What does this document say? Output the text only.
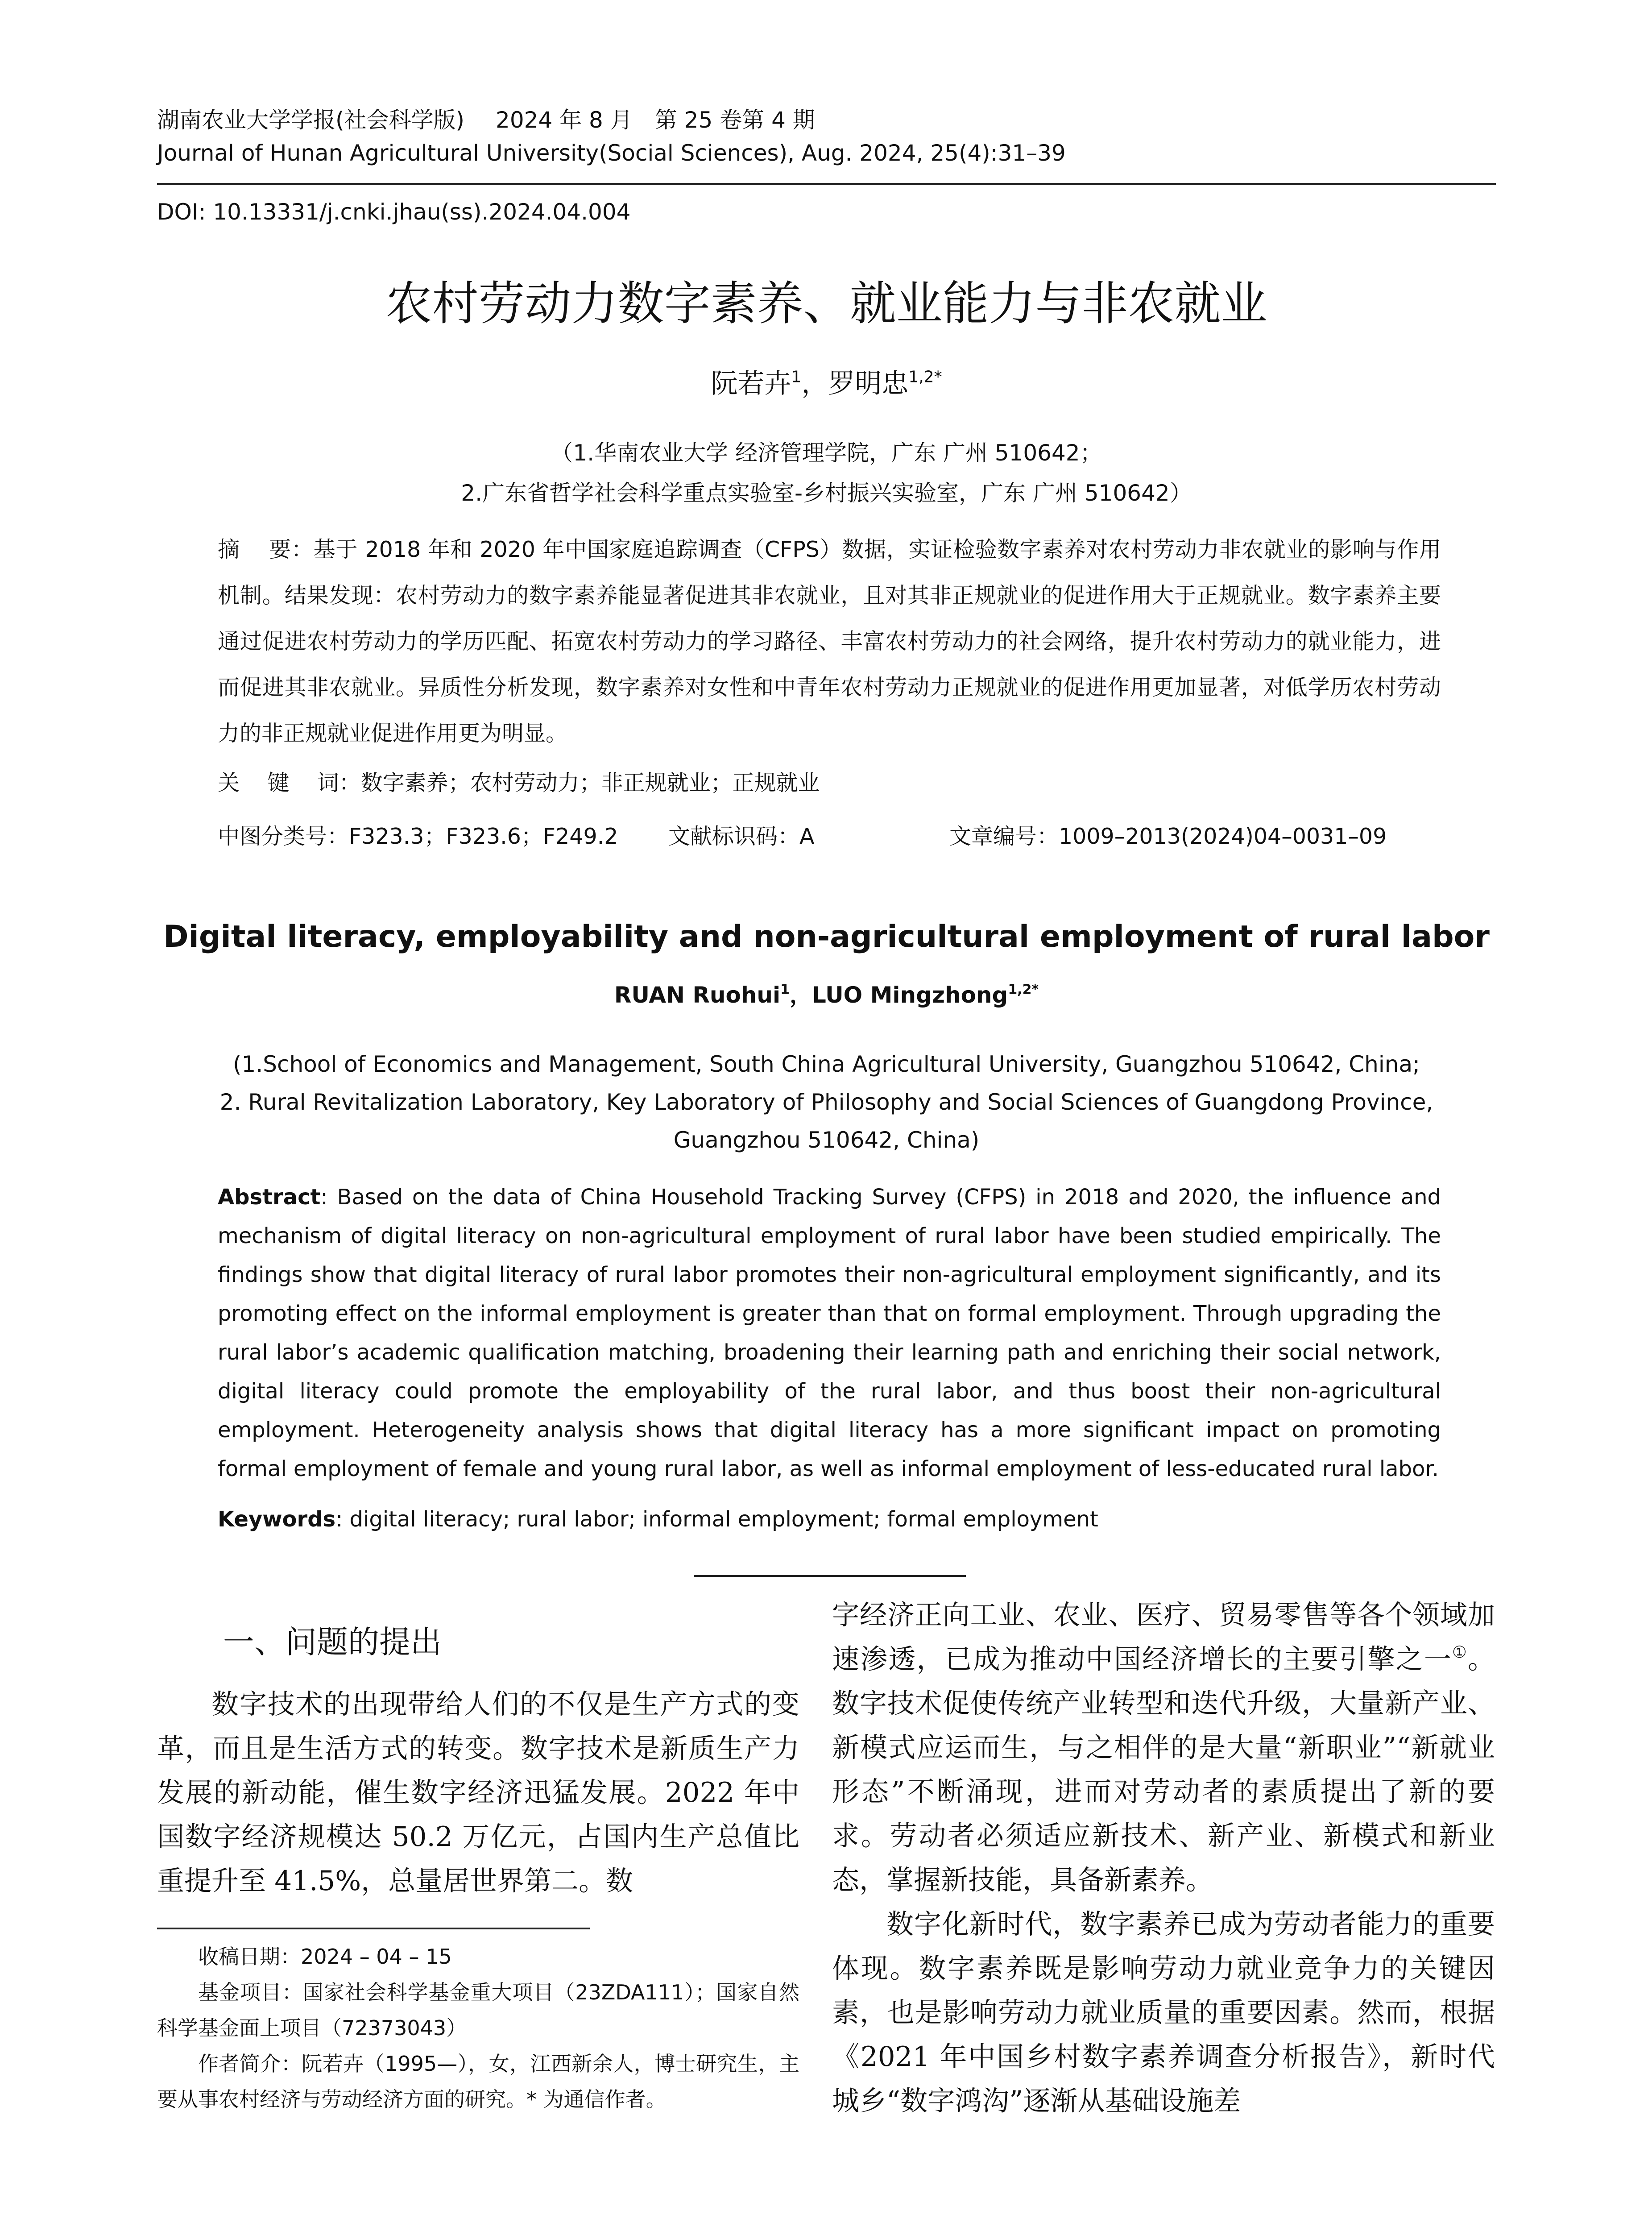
湖南农业大学学报(社会科学版) 2024 年 8 月 第 25 卷第 4 期
Journal of Hunan Agricultural University(Social Sciences), Aug. 2024, 25(4):31–39
DOI: 10.13331/j.cnki.jhau(ss).2024.04.004
农村劳动力数字素养、就业能力与非农就业
阮若卉$^1$，罗明忠$^{1,2*}$
（1.华南农业大学 经济管理学院，广东 广州 510642；
2.广东省哲学社会科学重点实验室-乡村振兴实验室，广东 广州 510642）
摘    要：基于 2018 年和 2020 年中国家庭追踪调查（CFPS）数据，实证检验数字素养对农村劳动力非农就业的影响与作用机制。结果发现：农村劳动力的数字素养能显著促进其非农就业，且对其非正规就业的促进作用大于正规就业。数字素养主要通过促进农村劳动力的学历匹配、拓宽农村劳动力的学习路径、丰富农村劳动力的社会网络，提升农村劳动力的就业能力，进而促进其非农就业。异质性分析发现，数字素养对女性和中青年农村劳动力正规就业的促进作用更加显著，对低学历农村劳动力的非正规就业促进作用更为明显。
关    键    词：数字素养；农村劳动力；非正规就业；正规就业
中图分类号：F323.3；F323.6；F249.2 文献标识码：A	文章编号：1009–2013(2024)04–0031–09
Digital literacy, employability and non-agricultural employment of rural labor
RUAN Ruohui$^1$，LUO Mingzhong$^{1,2*}$
(1.School of Economics and Management, South China Agricultural University, Guangzhou 510642, China;
2. Rural Revitalization Laboratory, Key Laboratory of Philosophy and Social Sciences of Guangdong Province,
Guangzhou 510642, China)
Abstract: Based on the data of China Household Tracking Survey (CFPS) in 2018 and 2020, the influence and mechanism of digital literacy on non-agricultural employment of rural labor have been studied empirically. The findings show that digital literacy of rural labor promotes their non-agricultural employment significantly, and its promoting effect on the informal employment is greater than that on formal employment. Through upgrading the rural labor’s academic qualification matching, broadening their learning path and enriching their social network, digital literacy could promote the employability of the rural labor, and thus boost their non-agricultural employment. Heterogeneity analysis shows that digital literacy has a more significant impact on promoting formal employment of female and young rural labor, as well as informal employment of less-educated rural labor.
Keywords: digital literacy; rural labor; informal employment; formal employment
一、问题的提出

数字技术的出现带给人们的不仅是生产方式的变革，而且是生活方式的转变。数字技术是新质生产力发展的新动能，催生数字经济迅猛发展。2022 年中国数字经济规模达 50.2 万亿元，占国内生产总值比重提升至 41.5%，总量居世界第二。数

收稿日期：2024 – 04 – 15

基金项目：国家社会科学基金重大项目（23ZDA111）；国家自然科学基金面上项目（72373043）

作者简介：阮若卉（1995—），女，江西新余人，博士研究生，主要从事农村经济与劳动经济方面的研究。* 为通信作者。

字经济正向工业、农业、医疗、贸易零售等各个领域加速渗透，已成为推动中国经济增长的主要引擎之一①。数字技术促使传统产业转型和迭代升级，大量新产业、新模式应运而生，与之相伴的是大量“新职业”“新就业形态”不断涌现，进而对劳动者的素质提出了新的要求。劳动者必须适应新技术、新产业、新模式和新业态，掌握新技能，具备新素养。

数字化新时代，数字素养已成为劳动者能力的重要体现。数字素养既是影响劳动力就业竞争力的关键因素，也是影响劳动力就业质量的重要因素。然而，根据《2021 年中国乡村数字素养调查分析报告》，新时代城乡“数字鸿沟”逐渐从基础设施差
